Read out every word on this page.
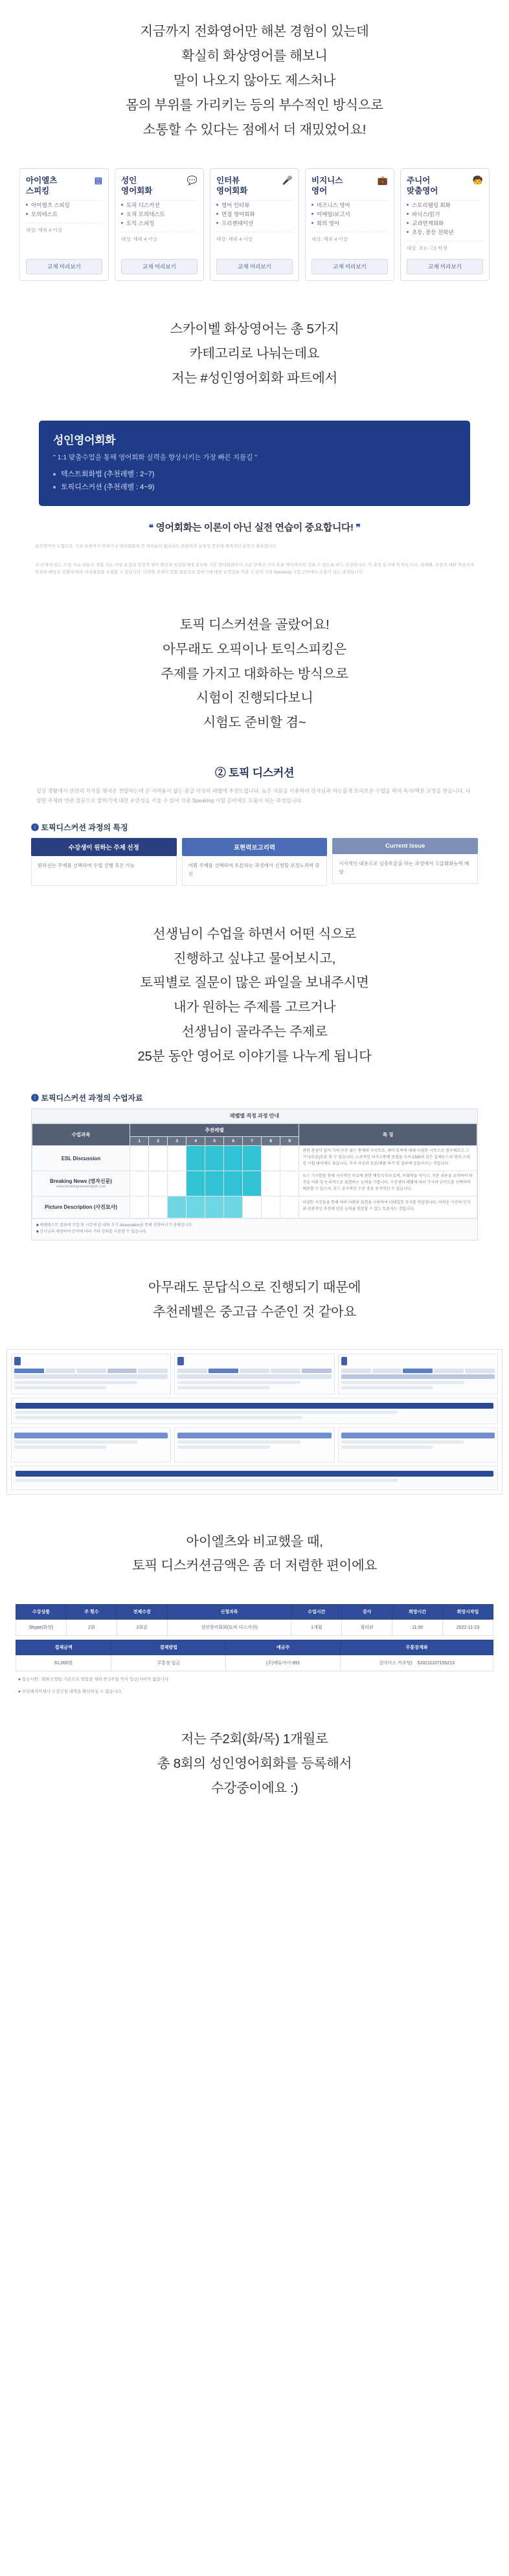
지금까지 전화영어만 해본 경험이 있는데
확실히 화상영어를 해보니
말이 나오지 않아도 제스처나
몸의 부위를 가리키는 등의 부수적인 방식으로
소통할 수 있다는 점에서 더 재밌었어요!
▤
아이엘츠
스피킹
아이엘츠 스피킹
모의테스트
대상: 해외 4 이상
교재 미리보기
💬
성인
영어회화
토픽 디스커션
오픽 모의테스트
토익 스피킹
대상: 해외 4 이상
교재 미리보기
🎤
인터뷰
영어회화
영어 인터뷰
면접 영어회화
프리젠테이션
대상: 해외 4 이상
교재 미리보기
💼
비지니스
영어
비즈니스 영어
이메일/보고서
회의 영어
대상: 해외 4 이상
교재 미리보기
🧒
주니어
맞춤영어
스토리텔링 회화
파닉스/읽기
교과연계회화
초등, 중등 전학년
대상: 초1~고3 학생
교재 미리보기
스카이벨 화상영어는 총 5가지
카테고리로 나눠는데요
저는 #성인영어회화 파트에서
성인영어회화
" 1:1 맞춤수업을 통해 영어회화 실력을 향상시키는 가장 빠른 지름길 "
텍스트회화법 (추천레벨 : 2~7)
토픽디스커션 (추천레벨 : 4~9)
❝ 영어회화는 이론이 아닌 실전 연습이 중요합니다! ❞
실전영어의 두렵으로, 기초 표현까지 막히기나 영어회화에 큰 어려움이 없더라도 표현력과 유창성 증진에 체계적인 훈련이 필요합니다.
저 인계에 있는 수업 자료 내용의 경험 지도 시일 보정과 실질적 영어 확인과 입상문제에 칠요한 기본 영어회화부터 고급 단계인 시사 토론 영어까지의 강좌 수 있도록 하는 과정입니다. 각 과정 동시에 목적이 다시, 리레벨, 과정에 대한 학습자의 목표와 해당과 상황에 따라 커리큘럼을 조절할 수 있습니다. 다양한 주제의 연관 질문으로 말하기에 대한 유연성을 키울 수 있어 각종 Speaking 시험 준비에도 도움이 되는 과정입니다.
토픽 디스커션을 골랐어요!
아무래도 오픽이나 토익스피킹은
주제를 가지고 대화하는 방식으로
시험이 진행되다보니
시험도 준비할 겸~
② 토픽 디스커션
일상 생활에서 관련의 각자를 맺어온 전달하는데 큰 어려움이 없는 중급 이상의 레벨에 추천드립니다. 높은 지문을 이용하여 강사님과 의논를게 토의토론 수업을 하여 독서/백분 교정을 받습니다. 다양한 주제와 연관 질문으로 말하기에 대한 유연성을 키울 수 있어 각종 Speaking 시험 준비에도 도움이 되는 과정입니다.
➊ 토픽디스커션 과정의 특징
수강생이 원하는 주제 선정
원하신는 주제를 선택하여 수업 진행 혹은 가능
표현력보고리력
어휘 주제를 선택하여 토론하는 과정에서 신청할 보정노리력 증진
Current Issue
시사적인 내용으로 심층토론을 하는 과정에서 고급회화능력 배양
선생님이 수업을 하면서 어떤 식으로
진행하고 싶냐고 물어보시고,
토픽별로 질문이 많은 파일을 보내주시면
내가 원하는 주제를 고르거나
선생님이 골라주는 주제로
25분 동안 영어로 이야기를 나누게 됩니다
➊ 토픽디스커션 과정의 수업자료
레벨별 적정 과정 안내
수업과목	추천레벨									특 징
	1	2	3	4	5	6	7	8	9	
ESL Discussion										관련 관심이 있어 기의 공부 없는 통해의 사이트로, 레이 토픽에 대해 다양한 시각으로 생각해보고 그 기사/토론(토론 및 수 있습니다. 노라적인 의사소통에 중점을 두어 CNN과 같은 실제뉴스의 영어 스피킹 시험 대비에도 좋습니다. 무이 자신과 토론/제품 하기 및 결과에 곁들어지는 것입니다.
Breaking News (영자신문)
www.breakingnewsenglish.com										뉴스 기사를를 통해 시사적인 이슈에 관한 배경지식과 토픽, 어휘력을 역사고, 지문 내용을 요약하여 의견을 어휘 및 논리적으로 표현하는 능력을 기릅니다. 수강생이 레벨에 따라 가사의 난이도를 선택하여 배분할 수 있으며, 부드 공구적인 수준 중요 동작적인 수 있습니다.
Picture Description (사진묘사)										다양한 사진들을 통해 여러 어휘와 표현을 사용하여 디테일한 묘사를 연습합니다. 어려운 사진의 인지와 연관적인 추진에 인상 능력을 연상할 수 있는 토론자는 것입니다.
■ 레벨테스트 결과에 수업 및 시간에 관 내의 추가 observation을 통해 진행하시기 권해집니다.
■ 강사님의 재량하여 분야에 따라 기타 강의를 사용할 수 있습니다.
아무래도 문답식으로 진행되기 때문에
추천레벨은 중고급 수준인 것 같아요

아이엘츠와 비교했을 때,
토픽 디스커션금액은 좀 더 저렴한 편이에요
수강상품	주 횟수	전체수강	신청과목	수업시간	강사	희망시간	희망시작일
Skype(화상)	2회	2회분	성인영어회화(토픽 디스커션)	1개월	필리핀	11:30	2022-11-23
결제금액	결제방법	예금주	무통장계좌
61,000원	무통장 입금	(주)에듀아이-991	김아이스 카우팅) 520211107155213
● 입금시한 : 회원신청일 기준으로 평일을 제외 한 2주일 까지 입금(자비까 없습니다.
● 무단해지이체시 수강신청 내역을 확인하실 수 없습니다.
저는 주2회(화/목) 1개월로
총 8회의 성인영어회화를 등록해서
수강중이에요 :)
